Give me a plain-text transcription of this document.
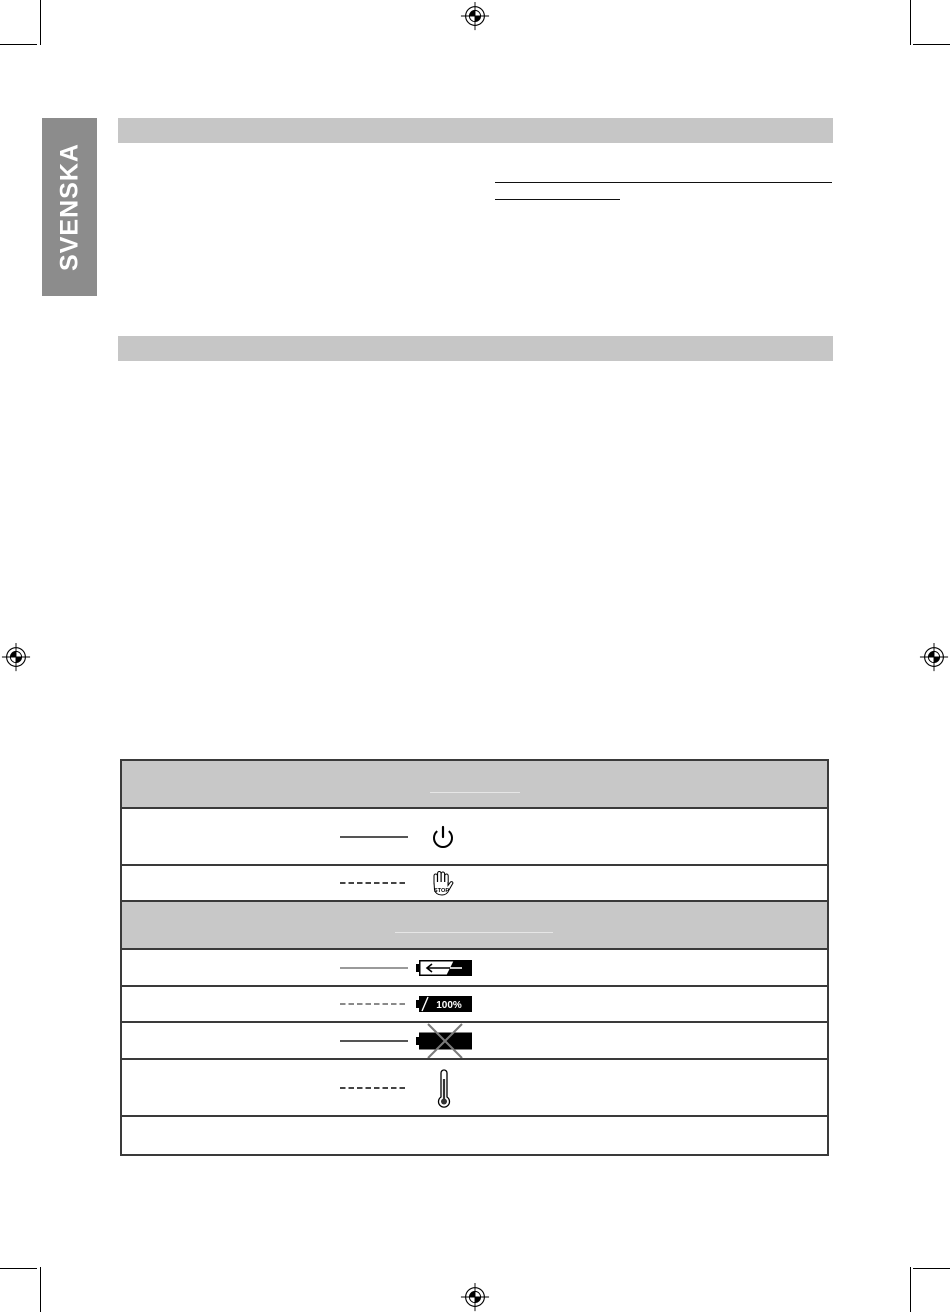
SVENSKA
STOP
100%
